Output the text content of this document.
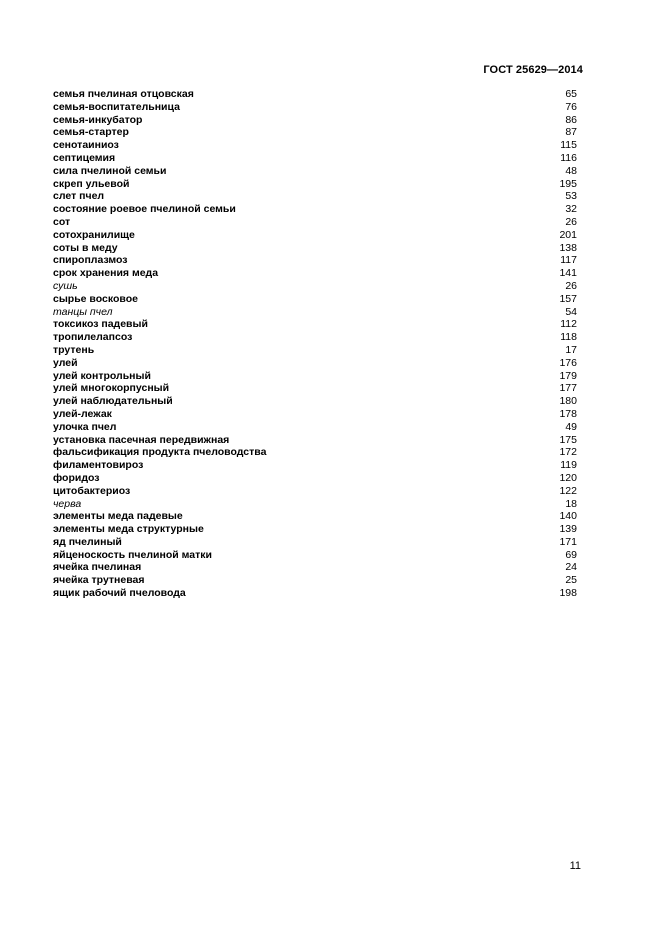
ГОСТ 25629—2014
семья пчелиная отцовская	65
семья-воспитательница	76
семья-инкубатор	86
семья-стартер	87
сенотаиниоз	115
септицемия	116
сила пчелиной семьи	48
скреп ульевой	195
слет пчел	53
состояние роевое пчелиной семьи	32
сот	26
сотохранилище	201
соты в меду	138
спироплазмоз	117
срок хранения меда	141
сушь	26
сырье восковое	157
танцы пчел	54
токсикоз падевый	112
тропилелапсоз	118
трутень	17
улей	176
улей контрольный	179
улей многокорпусный	177
улей наблюдательный	180
улей-лежак	178
улочка пчел	49
установка пасечная передвижная	175
фальсификация продукта пчеловодства	172
филаментовироз	119
форидоз	120
цитобактериоз	122
черва	18
элементы меда падевые	140
элементы меда структурные	139
яд пчелиный	171
яйценоскость пчелиной матки	69
ячейка пчелиная	24
ячейка трутневая	25
ящик рабочий пчеловода	198
11
